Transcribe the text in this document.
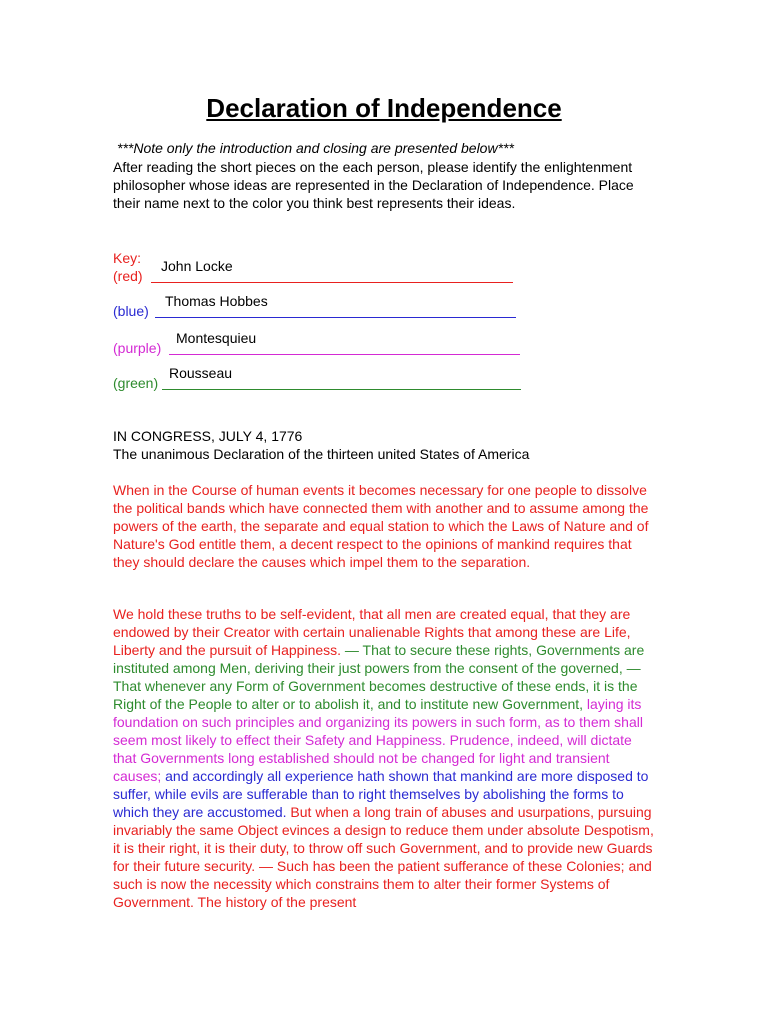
Declaration of Independence
***Note only the introduction and closing are presented below***
After reading the short pieces on the each person, please identify the enlightenment philosopher whose ideas are represented in the Declaration of Independence. Place their name next to the color you think best represents their ideas.
Key:
(red)
John Locke
(blue)
Thomas Hobbes
(purple)
Montesquieu
(green)
Rousseau
IN CONGRESS, JULY 4, 1776
The unanimous Declaration of the thirteen united States of America
When in the Course of human events it becomes necessary for one people to dissolve the political bands which have connected them with another and to assume among the powers of the earth, the separate and equal station to which the Laws of Nature and of Nature's God entitle them, a decent respect to the opinions of mankind requires that they should declare the causes which impel them to the separation.
We hold these truths to be self-evident, that all men are created equal, that they are endowed by their Creator with certain unalienable Rights that among these are Life, Liberty and the pursuit of Happiness. — That to secure these rights, Governments are instituted among Men, deriving their just powers from the consent of the governed, — That whenever any Form of Government becomes destructive of these ends, it is the Right of the People to alter or to abolish it, and to institute new Government, laying its foundation on such principles and organizing its powers in such form, as to them shall seem most likely to effect their Safety and Happiness. Prudence, indeed, will dictate that Governments long established should not be changed for light and transient causes; and accordingly all experience hath shown that mankind are more disposed to suffer, while evils are sufferable than to right themselves by abolishing the forms to which they are accustomed. But when a long train of abuses and usurpations, pursuing invariably the same Object evinces a design to reduce them under absolute Despotism, it is their right, it is their duty, to throw off such Government, and to provide new Guards for their future security. — Such has been the patient sufferance of these Colonies; and such is now the necessity which constrains them to alter their former Systems of Government. The history of the present
